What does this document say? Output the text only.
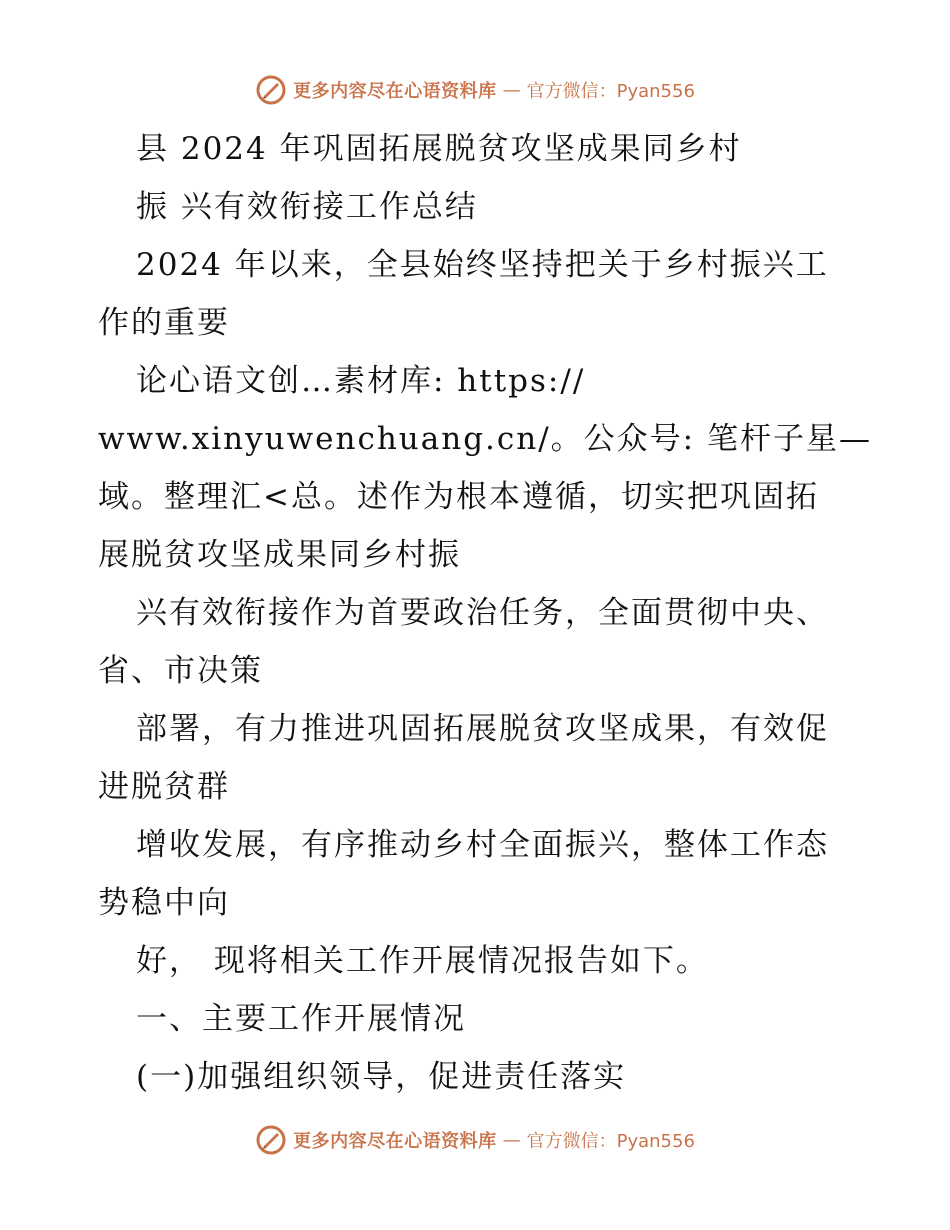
更多内容尽在心语资料库 — 官方微信：Pyan556
县 2024 年巩固拓展脱贫攻坚成果同乡村
振 兴有效衔接工作总结
2024 年以来，全县始终坚持把关于乡村振兴工
作的重要
论心语文创…素材库: https://
www.xinyuwenchuang.cn/。公众号: 笔杆子星—
域。整理汇<总。述作为根本遵循，切实把巩固拓
展脱贫攻坚成果同乡村振
兴有效衔接作为首要政治任务，全面贯彻中央、
省、市决策
部署，有力推进巩固拓展脱贫攻坚成果，有效促
进脱贫群
增收发展，有序推动乡村全面振兴，整体工作态
势稳中向
好， 现将相关工作开展情况报告如下。
一、主要工作开展情况
(一)加强组织领导，促进责任落实
更多内容尽在心语资料库 — 官方微信：Pyan556
